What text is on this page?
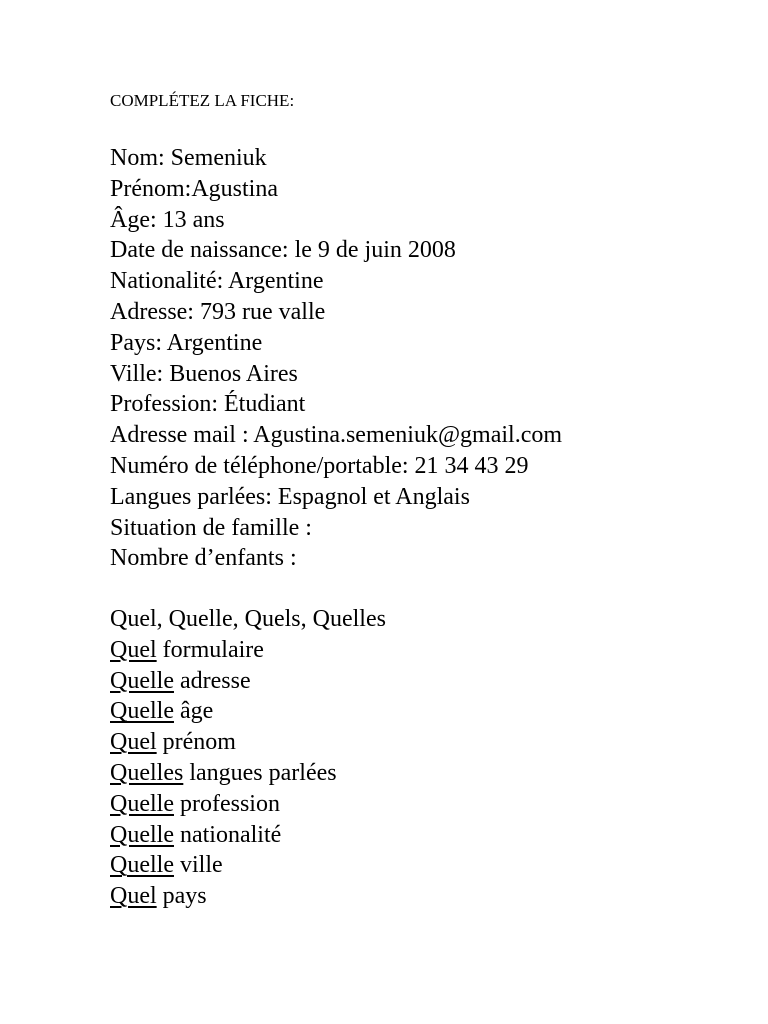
COMPLÉTEZ LA FICHE:
Nom: Semeniuk
Prénom:Agustina
Âge: 13 ans
Date de naissance: le 9 de juin 2008
Nationalité: Argentine
Adresse: 793 rue valle
Pays: Argentine
Ville: Buenos Aires
Profession: Étudiant
Adresse mail : Agustina.semeniuk@gmail.com
Numéro de téléphone/portable: 21 34 43 29
Langues parlées: Espagnol et Anglais
Situation de famille :
Nombre d’enfants :
Quel, Quelle, Quels, Quelles
Quel formulaire
Quelle adresse
Quelle âge
Quel prénom
Quelles langues parlées
Quelle profession
Quelle nationalité
Quelle ville
Quel pays
